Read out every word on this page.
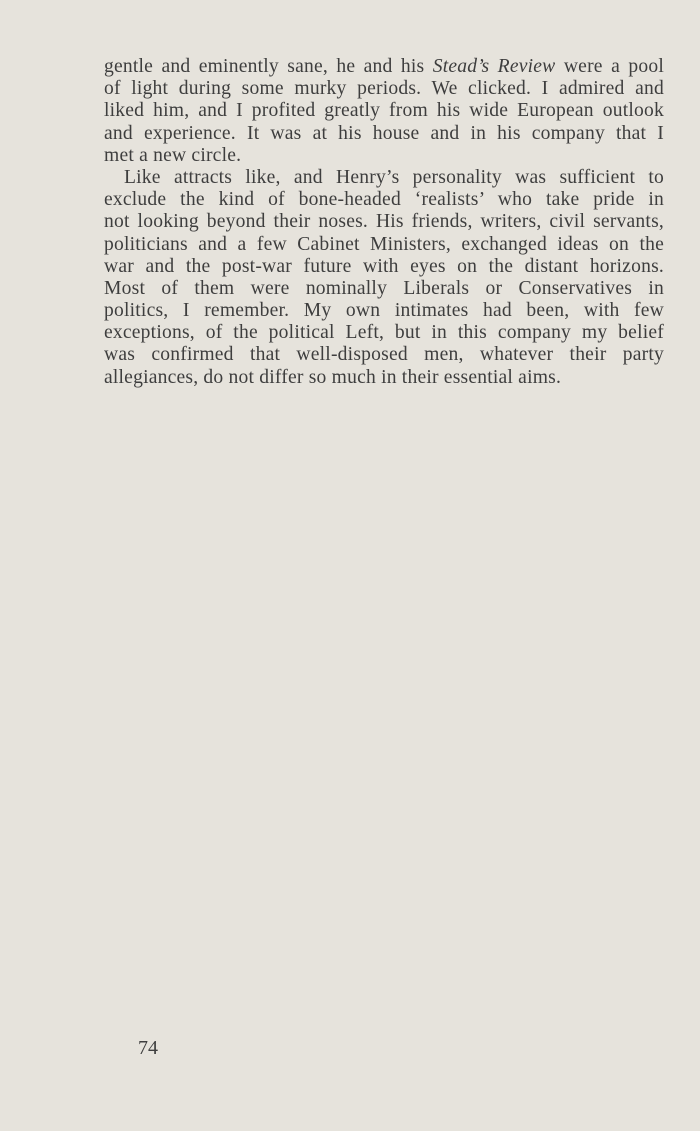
gentle and eminently sane, he and his Stead’s Review were a pool
of light during some murky periods. We clicked. I admired and
liked him, and I profited greatly from his wide European outlook
and experience. It was at his house and in his company that I
met a new circle.
Like attracts like, and Henry’s personality was sufficient to
exclude the kind of bone-headed ‘realists’ who take pride in
not looking beyond their noses. His friends, writers, civil servants,
politicians and a few Cabinet Ministers, exchanged ideas on the
war and the post-war future with eyes on the distant horizons.
Most of them were nominally Liberals or Conservatives in
politics, I remember. My own intimates had been, with few
exceptions, of the political Left, but in this company my belief
was confirmed that well-disposed men, whatever their party
allegiances, do not differ so much in their essential aims.
74
